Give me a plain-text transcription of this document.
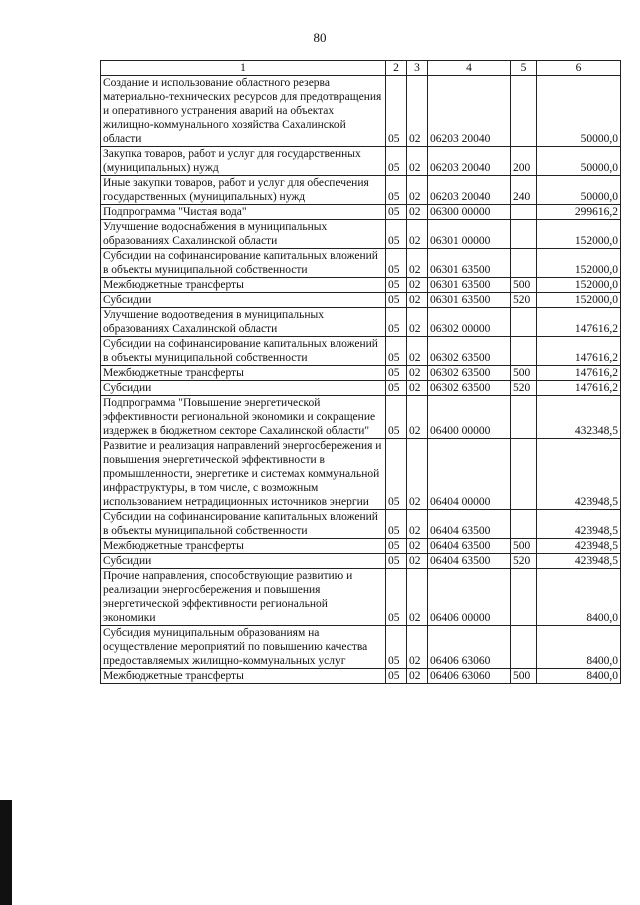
80
1	2	3	4	5	6
Создание и использование областного резерва материально-технических ресурсов для предотвращения и оперативного устранения аварий на объектах жилищно-коммунального хозяйства Сахалинской области	05	02	06203 20040		50000,0
Закупка товаров, работ и услуг для государственных (муниципальных) нужд	05	02	06203 20040	200	50000,0
Иные закупки товаров, работ и услуг для обеспечения государственных (муниципальных) нужд	05	02	06203 20040	240	50000,0
Подпрограмма "Чистая вода"	05	02	06300 00000		299616,2
Улучшение водоснабжения в муниципальных образованиях Сахалинской области	05	02	06301 00000		152000,0
Субсидии на софинансирование капитальных вложений в объекты муниципальной собственности	05	02	06301 63500		152000,0
Межбюджетные трансферты	05	02	06301 63500	500	152000,0
Субсидии	05	02	06301 63500	520	152000,0
Улучшение водоотведения в муниципальных образованиях Сахалинской области	05	02	06302 00000		147616,2
Субсидии на софинансирование капитальных вложений в объекты муниципальной собственности	05	02	06302 63500		147616,2
Межбюджетные трансферты	05	02	06302 63500	500	147616,2
Субсидии	05	02	06302 63500	520	147616,2
Подпрограмма "Повышение энергетической эффективности региональной экономики и сокращение издержек в бюджетном секторе Сахалинской области"	05	02	06400 00000		432348,5
Развитие и реализация направлений энергосбережения и повышения энергетической эффективности в промышленности, энергетике и системах коммунальной инфраструктуры, в том числе, с возможным использованием нетрадиционных источников энергии	05	02	06404 00000		423948,5
Субсидии на софинансирование капитальных вложений в объекты муниципальной собственности	05	02	06404 63500		423948,5
Межбюджетные трансферты	05	02	06404 63500	500	423948,5
Субсидии	05	02	06404 63500	520	423948,5
Прочие направления, способствующие развитию и реализации энергосбережения и повышения энергетической эффективности региональной экономики	05	02	06406 00000		8400,0
Субсидия муниципальным образованиям на осуществление мероприятий по повышению качества предоставляемых жилищно-коммунальных услуг	05	02	06406 63060		8400,0
Межбюджетные трансферты	05	02	06406 63060	500	8400,0
